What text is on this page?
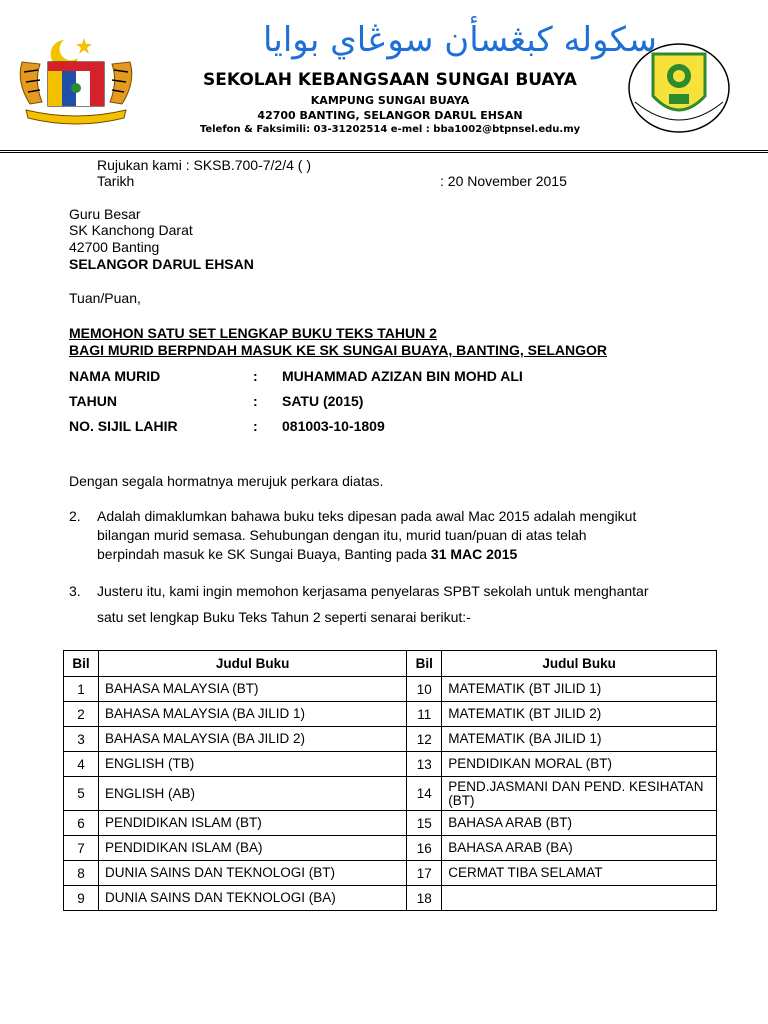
سکوله کبڠسأن سوڠاي بوايا
SEKOLAH KEBANGSAAN SUNGAI BUAYA
KAMPUNG SUNGAI BUAYA
42700 BANTING, SELANGOR DARUL EHSAN
Telefon & Faksimili: 03-31202514 e-mel : bba1002@btpnsel.edu.my
Rujukan kami : SKSB.700-7/2/4 ( )
Tarikh	: 20 November 2015
Guru Besar
SK Kanchong Darat
42700 Banting
SELANGOR DARUL EHSAN
Tuan/Puan,
MEMOHON SATU SET LENGKAP BUKU TEKS TAHUN 2
BAGI MURID BERPNDAH MASUK KE SK SUNGAI BUAYA, BANTING, SELANGOR
NAMA MURID	: MUHAMMAD AZIZAN BIN MOHD ALI
TAHUN	: SATU (2015)
NO. SIJIL LAHIR	: 081003-10-1809
Dengan segala hormatnya merujuk perkara diatas.
2. Adalah dimaklumkan bahawa buku teks dipesan pada awal Mac 2015 adalah mengikut
bilangan murid semasa. Sehubungan dengan itu, murid tuan/puan di atas telah
berpindah masuk ke SK Sungai Buaya, Banting pada 31 MAC 2015
3. Justeru itu, kami ingin memohon kerjasama penyelaras SPBT sekolah untuk menghantar
satu set lengkap Buku Teks Tahun 2 seperti senarai berikut:-
Bil	Judul Buku	Bil	Judul Buku
1	BAHASA MALAYSIA (BT)	10	MATEMATIK (BT JILID 1)
2	BAHASA MALAYSIA (BA JILID 1)	11	MATEMATIK (BT JILID 2)
3	BAHASA MALAYSIA (BA JILID 2)	12	MATEMATIK (BA JILID 1)
4	ENGLISH (TB)	13	PENDIDIKAN MORAL (BT)
5	ENGLISH (AB)	14	PEND.JASMANI DAN PEND. KESIHATAN (BT)
6	PENDIDIKAN ISLAM (BT)	15	BAHASA ARAB (BT)
7	PENDIDIKAN ISLAM (BA)	16	BAHASA ARAB (BA)
8	DUNIA SAINS DAN TEKNOLOGI (BT)	17	CERMAT TIBA SELAMAT
9	DUNIA SAINS DAN TEKNOLOGI (BA)	18	
